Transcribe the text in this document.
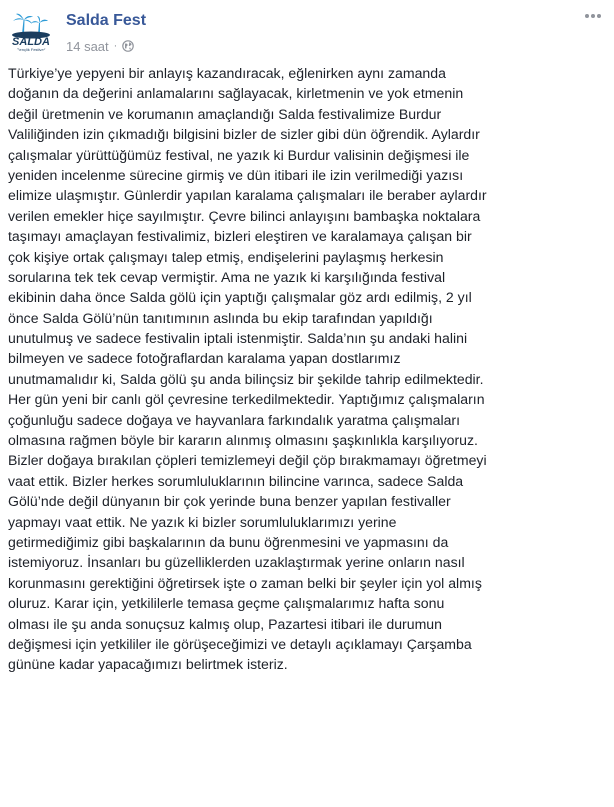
SALDA
Gençlik Festivali
Salda Fest
14 saat ·
Türkiye’ye yepyeni bir anlayış kazandıracak, eğlenirken aynı zamanda
doğanın da değerini anlamalarını sağlayacak, kirletmenin ve yok etmenin
değil üretmenin ve korumanın amaçlandığı Salda festivalimize Burdur
Valiliğinden izin çıkmadığı bilgisini bizler de sizler gibi dün öğrendik. Aylardır
çalışmalar yürüttüğümüz festival, ne yazık ki Burdur valisinin değişmesi ile
yeniden incelenme sürecine girmiş ve dün itibari ile izin verilmediği yazısı
elimize ulaşmıştır. Günlerdir yapılan karalama çalışmaları ile beraber aylardır
verilen emekler hiçe sayılmıştır. Çevre bilinci anlayışını bambaşka noktalara
taşımayı amaçlayan festivalimiz, bizleri eleştiren ve karalamaya çalışan bir
çok kişiye ortak çalışmayı talep etmiş, endişelerini paylaşmış herkesin
sorularına tek tek cevap vermiştir. Ama ne yazık ki karşılığında festival
ekibinin daha önce Salda gölü için yaptığı çalışmalar göz ardı edilmiş, 2 yıl
önce Salda Gölü’nün tanıtımının aslında bu ekip tarafından yapıldığı
unutulmuş ve sadece festivalin iptali istenmiştir. Salda’nın şu andaki halini
bilmeyen ve sadece fotoğraflardan karalama yapan dostlarımız
unutmamalıdır ki, Salda gölü şu anda bilinçsiz bir şekilde tahrip edilmektedir.
Her gün yeni bir canlı göl çevresine terkedilmektedir. Yaptığımız çalışmaların
çoğunluğu sadece doğaya ve hayvanlara farkındalık yaratma çalışmaları
olmasına rağmen böyle bir kararın alınmış olmasını şaşkınlıkla karşılıyoruz.
Bizler doğaya bırakılan çöpleri temizlemeyi değil çöp bırakmamayı öğretmeyi
vaat ettik. Bizler herkes sorumluluklarının bilincine varınca, sadece Salda
Gölü’nde değil dünyanın bir çok yerinde buna benzer yapılan festivaller
yapmayı vaat ettik. Ne yazık ki bizler sorumluluklarımızı yerine
getirmediğimiz gibi başkalarının da bunu öğrenmesini ve yapmasını da
istemiyoruz. İnsanları bu güzelliklerden uzaklaştırmak yerine onların nasıl
korunmasını gerektiğini öğretirsek işte o zaman belki bir şeyler için yol almış
oluruz. Karar için, yetkililerle temasa geçme çalışmalarımız hafta sonu
olması ile şu anda sonuçsuz kalmış olup, Pazartesi itibari ile durumun
değişmesi için yetkililer ile görüşeceğimizi ve detaylı açıklamayı Çarşamba
gününe kadar yapacağımızı belirtmek isteriz.
